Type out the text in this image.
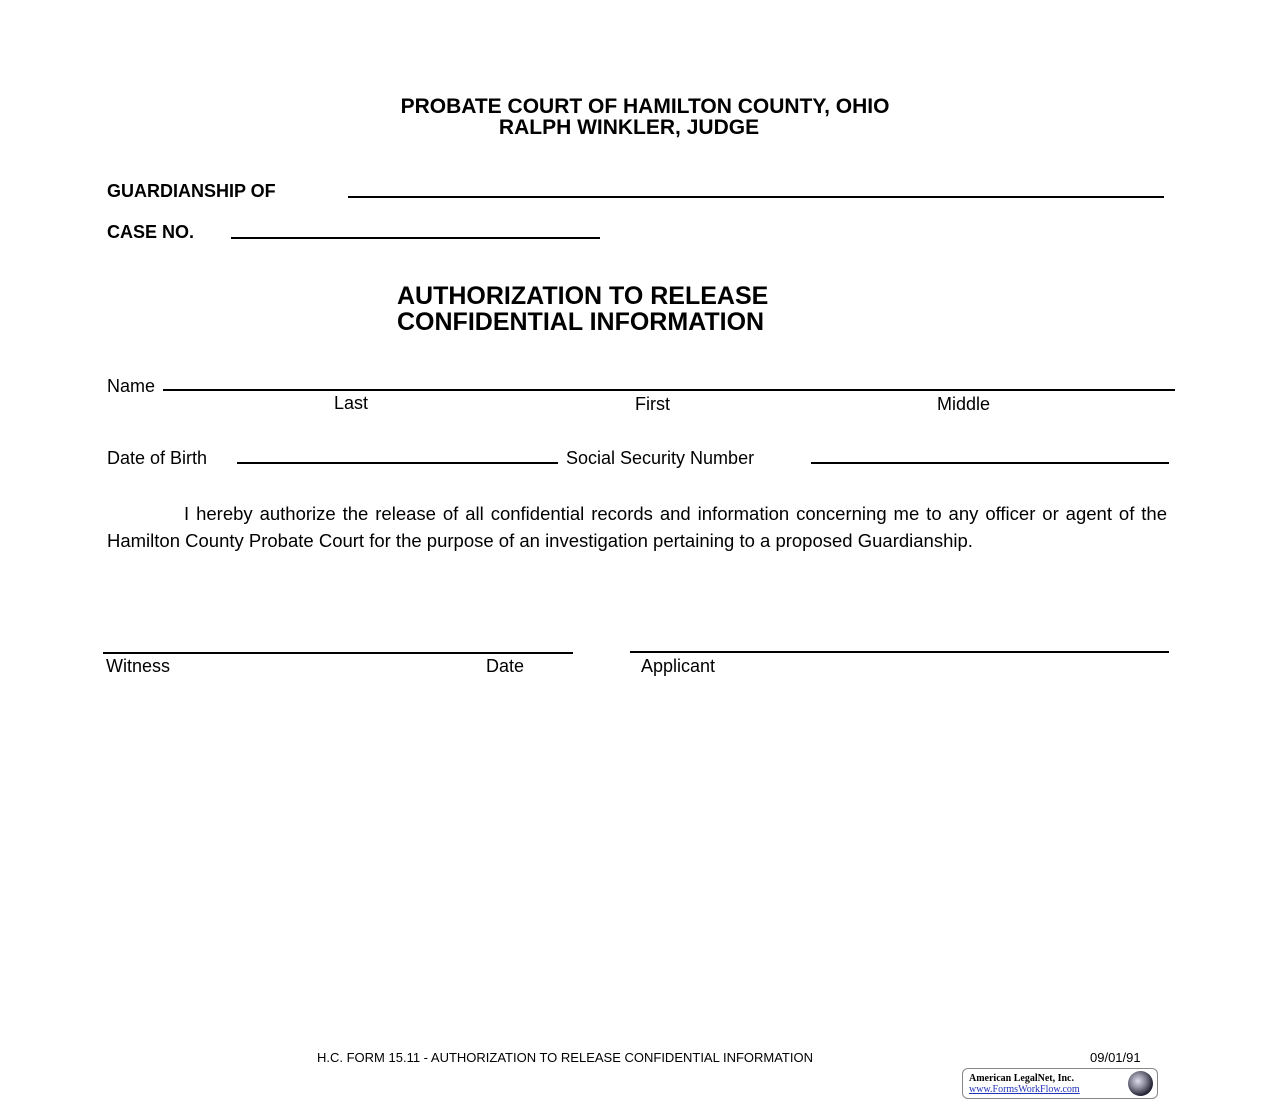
PROBATE COURT OF HAMILTON COUNTY, OHIO
RALPH WINKLER, JUDGE
GUARDIANSHIP OF
CASE NO.
AUTHORIZATION TO RELEASE
CONFIDENTIAL INFORMATION
Name
Last	First	Middle
Date of Birth	Social Security Number
I hereby authorize the release of all confidential records and information concerning me to any officer or agent of the Hamilton County Probate Court for the purpose of an investigation pertaining to a proposed Guardianship.
Witness	Date	Applicant
H.C. FORM 15.11 - AUTHORIZATION TO RELEASE CONFIDENTIAL INFORMATION	09/01/91
American LegalNet, Inc.
www.FormsWorkFlow.com
